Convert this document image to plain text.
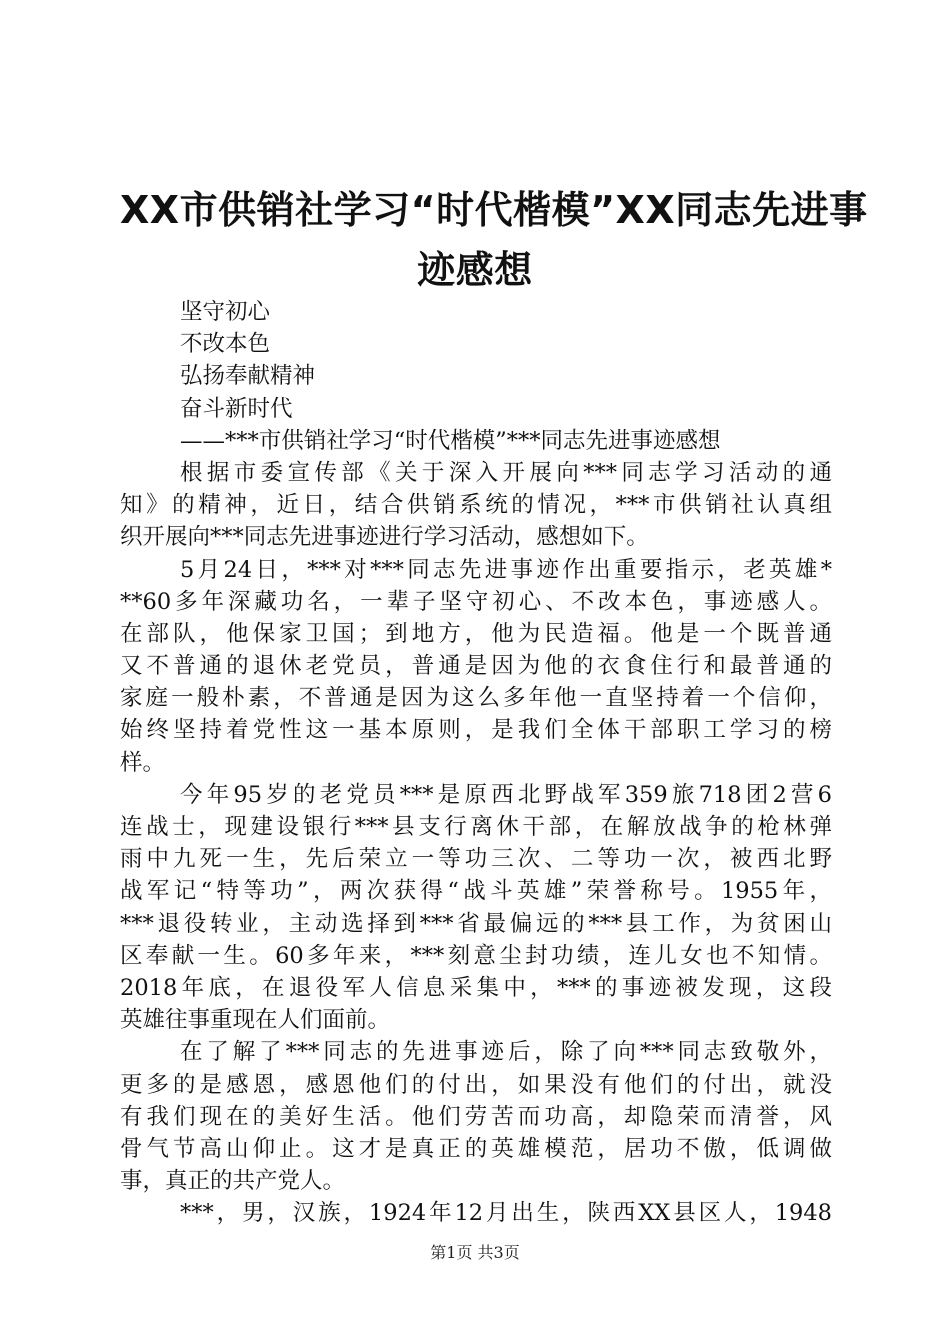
XX市供销社学习“时代楷模”XX同志先进事
迹感想
坚守初心
不改本色
弘扬奉献精神
奋斗新时代
——***市供销社学习“时代楷模”***同志先进事迹感想
根据市委宣传部《关于深入开展向***同志学习活动的通
知》的精神，近日，结合供销系统的情况，***市供销社认真组
织开展向***同志先进事迹进行学习活动，感想如下。
5月24日，***对***同志先进事迹作出重要指示，老英雄*
**60多年深藏功名，一辈子坚守初心、不改本色，事迹感人。
在部队，他保家卫国；到地方，他为民造福。他是一个既普通
又不普通的退休老党员，普通是因为他的衣食住行和最普通的
家庭一般朴素，不普通是因为这么多年他一直坚持着一个信仰，
始终坚持着党性这一基本原则，是我们全体干部职工学习的榜
样。
今年95岁的老党员***是原西北野战军359旅718团2营6
连战士，现建设银行***县支行离休干部，在解放战争的枪林弹
雨中九死一生，先后荣立一等功三次、二等功一次，被西北野
战军记“特等功”，两次获得“战斗英雄”荣誉称号。1955年，
***退役转业，主动选择到***省最偏远的***县工作，为贫困山
区奉献一生。60多年来，***刻意尘封功绩，连儿女也不知情。
2018年底，在退役军人信息采集中，***的事迹被发现，这段
英雄往事重现在人们面前。
在了解了***同志的先进事迹后，除了向***同志致敬外，
更多的是感恩，感恩他们的付出，如果没有他们的付出，就没
有我们现在的美好生活。他们劳苦而功高，却隐荣而清誉，风
骨气节高山仰止。这才是真正的英雄模范，居功不傲，低调做
事，真正的共产党人。
***，男，汉族，1924年12月出生，陕西XX县区人，1948
第1页 共3页
